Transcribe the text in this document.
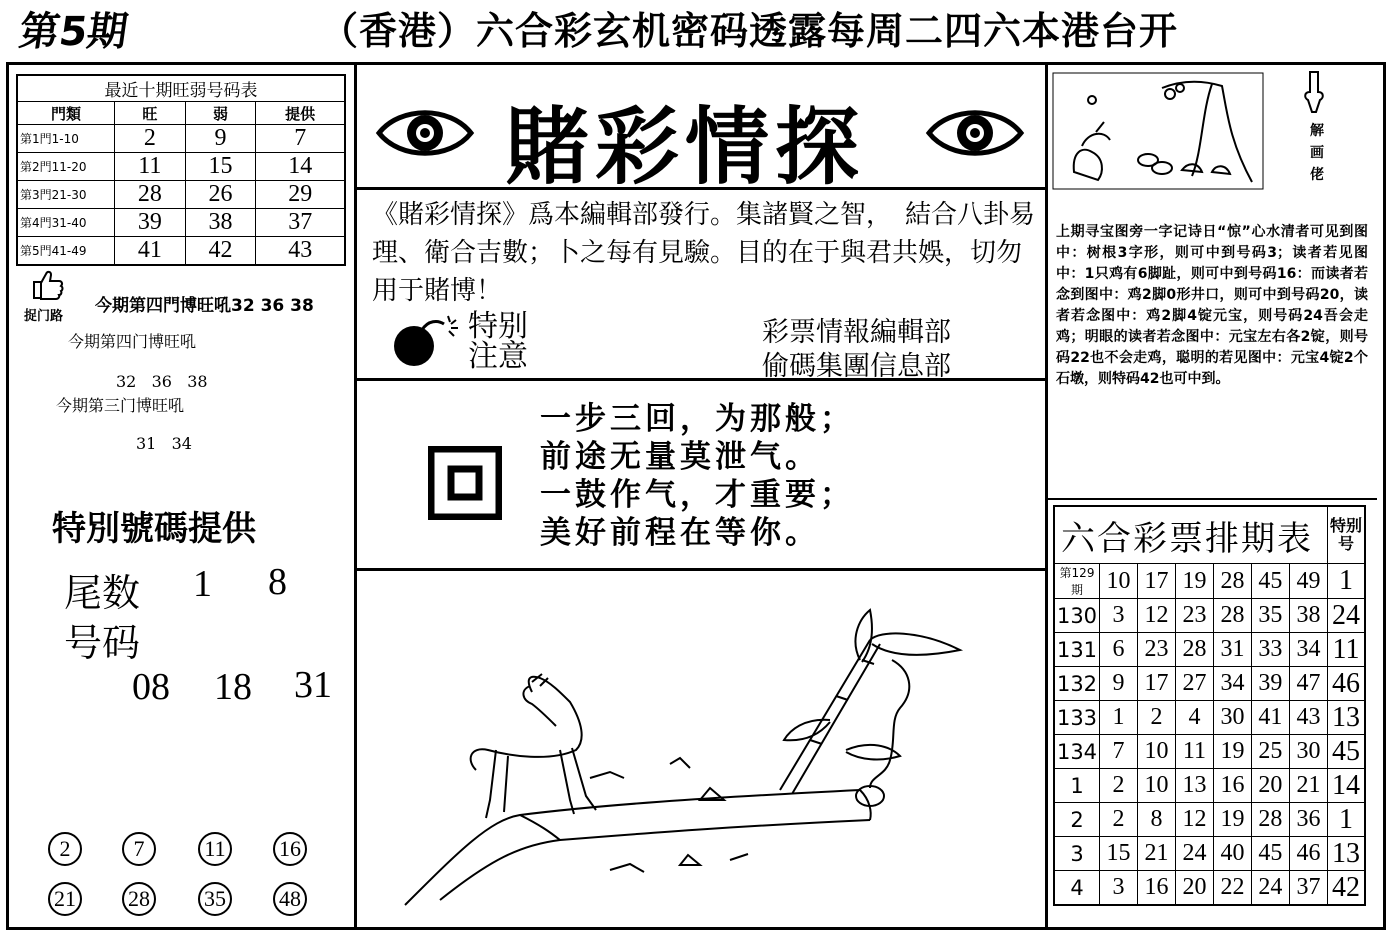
第5期	（香港）六合彩玄机密码透露每周二四六本港台开
最近十期旺弱号码表			
門類	旺	弱	提供
第1門1-10	2	9	7
第2門11-20	11	15	14
第3門21-30	28	26	29
第4門31-40	39	38	37
第5門41-49	41	42	43
捉门路
今期第四門博旺吼32 36 38
今期第四门博旺吼
32   36   38
今期第三门博旺吼
31   34
特別號碼提供
尾数 1 8
号码
08 18 31
2	7	11 16
21 28 35 48
賭彩情探
《賭彩情探》爲本編輯部發行。集諸賢之智，　結合八卦易理、衛合吉數；卜之每有見驗。目的在于與君共娛，切勿用于賭博！
特别
注意
彩票情報編輯部
偷碼集團信息部
一步三回，为那般；
前途无量莫泄气。
一鼓作气，才重要；
美好前程在等你。
解
画
佬
上期寻宝图旁一字记诗日“惊”心水清者可见到图中：树根3字形，则可中到号码3；读者若见图中：1只鸡有6脚趾，则可中到号码16：而读者若念到图中：鸡2脚0形井口，则可中到号码20，读者若念图中：鸡2脚4锭元宝，则号码24吾会走鸡；明眼的读者若念图中：元宝左右各2锭，则号码22也不会走鸡，聪明的若见图中：元宝4锭2个石墩，则特码42也可中到。
六合彩票排期表							特别号
第129期	10	17	19	28	45	49	1
130	3	12	23	28	35	38	24
131	6	23	28	31	33	34	11
132	9	17	27	34	39	47	46
133	1	2	4	30	41	43	13
134	7	10	11	19	25	30	45
1	2	10	13	16	20	21	14
2	2	8	12	19	28	36	1
3	15	21	24	40	45	46	13
4	3	16	20	22	24	37	42
